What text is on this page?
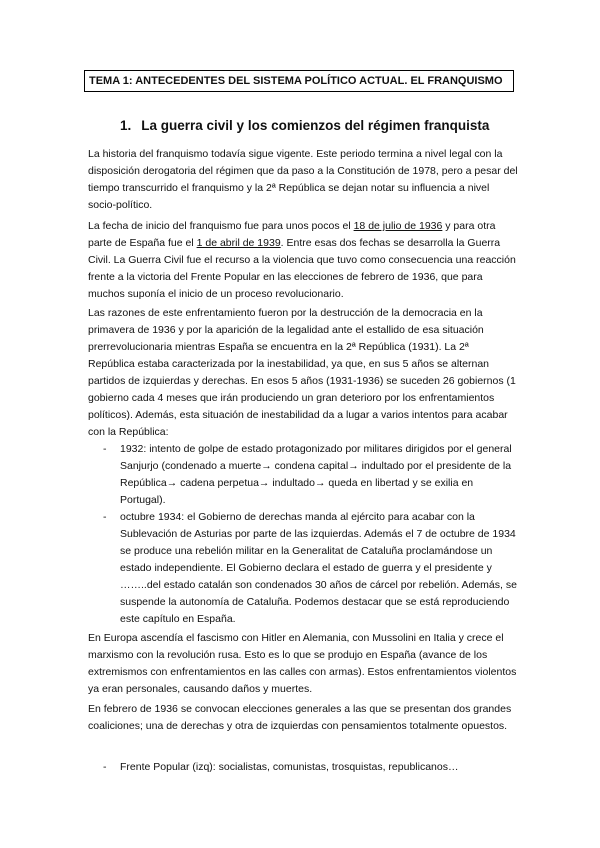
TEMA 1: ANTECEDENTES DEL SISTEMA POLÍTICO ACTUAL. EL FRANQUISMO
1. La guerra civil y los comienzos del régimen franquista

La historia del franquismo todavía sigue vigente. Este periodo termina a nivel legal con la disposición derogatoria del régimen que da paso a la Constitución de 1978, pero a pesar del tiempo transcurrido el franquismo y la 2ª República se dejan notar su influencia a nivel socio-político.

La fecha de inicio del franquismo fue para unos pocos el 18 de julio de 1936 y para otra parte de España fue el 1 de abril de 1939. Entre esas dos fechas se desarrolla la Guerra Civil. La Guerra Civil fue el recurso a la violencia que tuvo como consecuencia una reacción frente a la victoria del Frente Popular en las elecciones de febrero de 1936, que para muchos suponía el inicio de un proceso revolucionario.

Las razones de este enfrentamiento fueron por la destrucción de la democracia en la primavera de 1936 y por la aparición de la legalidad ante el estallido de esa situación prerrevolucionaria mientras España se encuentra en la 2ª República (1931). La 2ª República estaba caracterizada por la inestabilidad, ya que, en sus 5 años se alternan partidos de izquierdas y derechas. En esos 5 años (1931-1936) se suceden 26 gobiernos (1 gobierno cada 4 meses que irán produciendo un gran deterioro por los enfrentamientos políticos). Además, esta situación de inestabilidad da a lugar a varios intentos para acabar con la República:

- 1932: intento de golpe de estado protagonizado por militares dirigidos por el general Sanjurjo (condenado a muerte→ condena capital→ indultado por el presidente de la República→ cadena perpetua→ indultado→ queda en libertad y se exilia en Portugal).

- octubre 1934: el Gobierno de derechas manda al ejército para acabar con la Sublevación de Asturias por parte de las izquierdas. Además el 7 de octubre de 1934 se produce una rebelión militar en la Generalitat de Cataluña proclamándose un estado independiente. El Gobierno declara el estado de guerra y el presidente y ……..del estado catalán son condenados 30 años de cárcel por rebelión. Además, se suspende la autonomía de Cataluña. Podemos destacar que se está reproduciendo este capítulo en España.

En Europa ascendía el fascismo con Hitler en Alemania, con Mussolini en Italia y crece el marxismo con la revolución rusa. Esto es lo que se produjo en España (avance de los extremismos con enfrentamientos en las calles con armas). Estos enfrentamientos violentos ya eran personales, causando daños y muertes.

En febrero de 1936 se convocan elecciones generales a las que se presentan dos grandes coaliciones; una de derechas y otra de izquierdas con pensamientos totalmente opuestos.

- Frente Popular (izq): socialistas, comunistas, trosquistas, republicanos…
